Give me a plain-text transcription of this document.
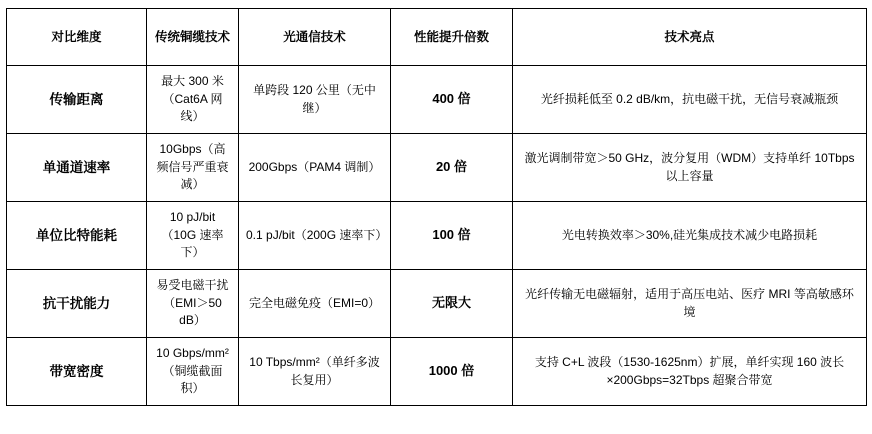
对比维度	传统铜缆技术	光通信技术	性能提升倍数	技术亮点
传输距离	最大 300 米（Cat6A 网线）	单跨段 120 公里（无中继）	400 倍	光纤损耗低至 0.2 dB/km，抗电磁干扰，无信号衰减瓶颈
单通道速率	10Gbps（高频信号严重衰减）	200Gbps（PAM4 调制）	20 倍	激光调制带宽＞50 GHz，波分复用（WDM）支持单纤 10Tbps 以上容量
单位比特能耗	10 pJ/bit（10G 速率下）	0.1 pJ/bit（200G 速率下）	100 倍	光电转换效率＞30%,硅光集成技术减少电路损耗
抗干扰能力	易受电磁干扰（EMI＞50 dB）	完全电磁免疫（EMI=0）	无限大	光纤传输无电磁辐射，适用于高压电站、医疗 MRI 等高敏感环境
带宽密度	10 Gbps/mm²（铜缆截面积）	10 Tbps/mm²（单纤多波长复用）	1000 倍	支持 C+L 波段（1530-1625nm）扩展，单纤实现 160 波长×200Gbps=32Tbps 超聚合带宽
